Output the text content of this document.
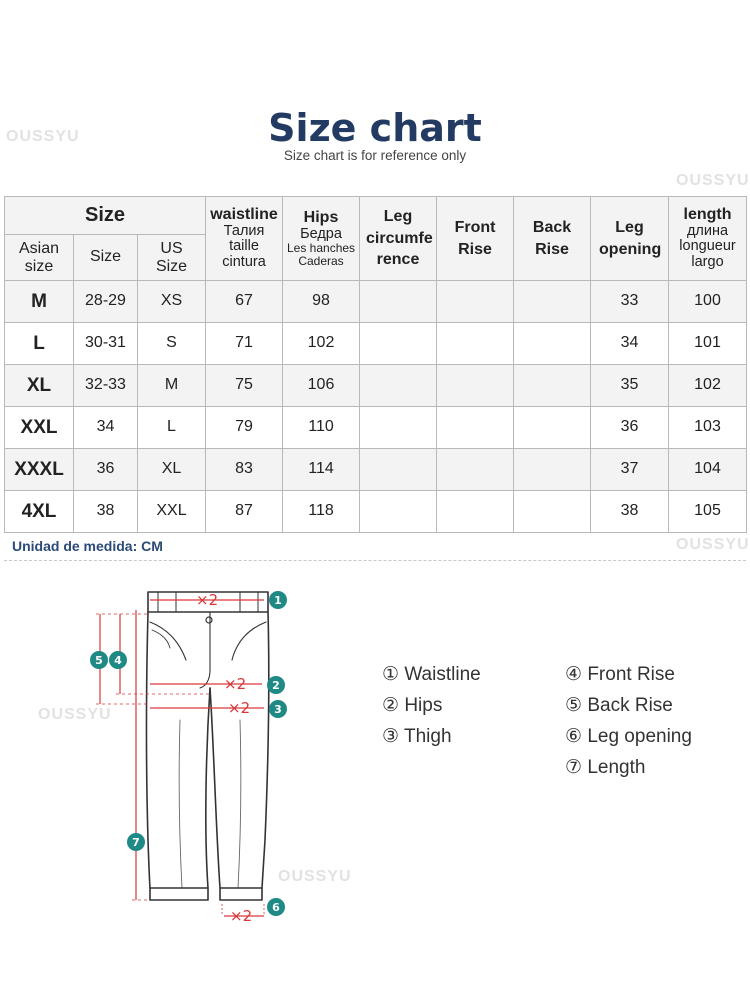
OUSSYU
OUSSYU
OUSSYU
OUSSYU
OUSSYU
Size chart
Size chart is for reference only
Size			waistline
Талия
taille
cintura	Hips
Бедра
Les hanches
Caderas	Leg circumfe rence	Front Rise	Back Rise	Leg opening	length
длина
longueur
largo

Asian size	Size	US Size							
M	28-29	XS	67	98				33	100
L	30-31	S	71	102				34	101
XL	32-33	M	75	106				35	102
XXL	34	L	79	110				36	103
XXXL	36	XL	83	114				37	104
4XL	38	XXL	87	118				38	105
Unidad de medida: CM
×2
×2
×2
×2
1
2
3
4
5
6
7
① Waistline
② Hips
③ Thigh
④ Front Rise
⑤ Back Rise
⑥ Leg opening
⑦ Length
